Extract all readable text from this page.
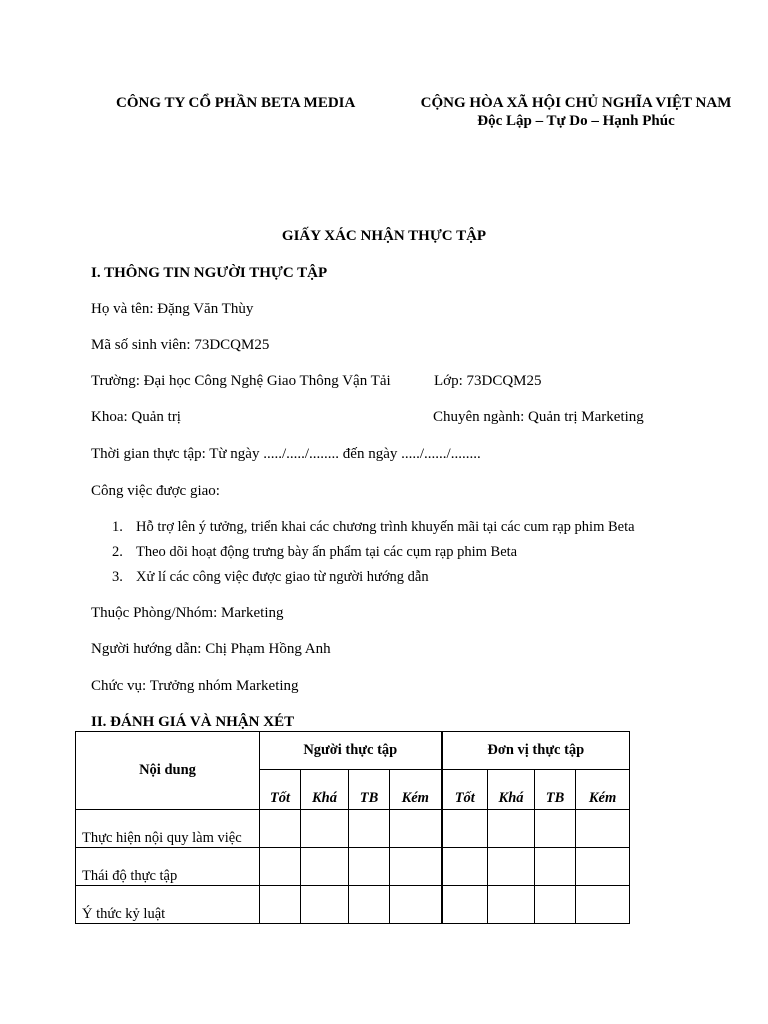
CÔNG TY CỔ PHẦN BETA MEDIA	CỘNG HÒA XÃ HỘI CHỦ NGHĨA VIỆT NAM
Độc Lập – Tự Do – Hạnh Phúc
GIẤY XÁC NHẬN THỰC TẬP
I. THÔNG TIN NGƯỜI THỰC TẬP
Họ và tên: Đặng Văn Thùy
Mã số sinh viên: 73DCQM25
Trường: Đại học Công Nghệ Giao Thông Vận Tải	Lớp: 73DCQM25
Khoa: Quản trị	Chuyên ngành: Quản trị Marketing
Thời gian thực tập: Từ ngày ...../...../........ đến ngày ...../....../........
Công việc được giao:
1. Hỗ trợ lên ý tưởng, triển khai các chương trình khuyến mãi tại các cum rạp phim Beta
2. Theo dõi hoạt động trưng bày ấn phẩm tại các cụm rạp phim Beta
3. Xử lí các công việc được giao từ người hướng dẫn
Thuộc Phòng/Nhóm: Marketing
Người hướng dẫn: Chị Phạm Hồng Anh
Chức vụ: Trưởng nhóm Marketing
II. ĐÁNH GIÁ VÀ NHẬN XÉT
Nội dung	Người thực tập				Đơn vị thực tập			
	Tốt	Khá	TB	Kém	Tốt	Khá	TB	Kém
Thực hiện nội quy làm việc								
Thái độ thực tập								
Ý thức kỷ luật								
